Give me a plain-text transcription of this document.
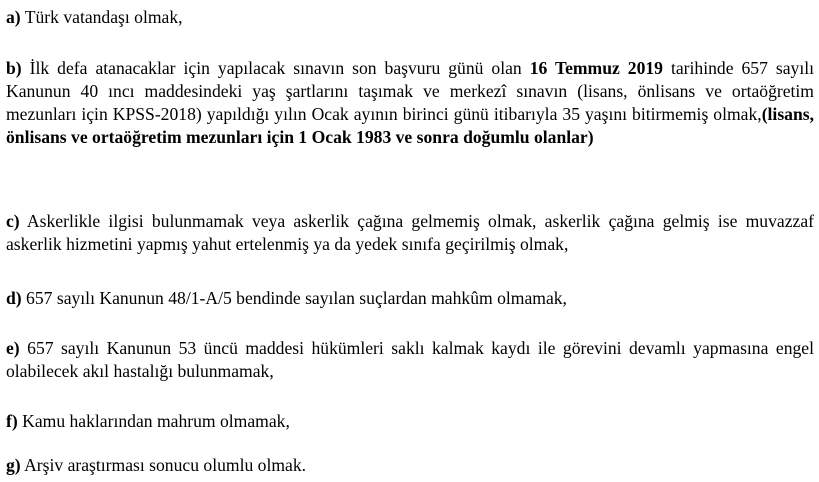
a) Türk vatandaşı olmak,

b) İlk defa atanacaklar için yapılacak sınavın son başvuru günü olan 16 Temmuz 2019 tarihinde 657 sayılı Kanunun 40 ıncı maddesindeki yaş şartlarını taşımak ve merkezî sınavın (lisans, önlisans ve ortaöğretim mezunları için KPSS-2018) yapıldığı yılın Ocak ayının birinci günü itibarıyla 35 yaşını bitirmemiş olmak,(lisans, önlisans ve ortaöğretim mezunları için 1 Ocak 1983 ve sonra doğumlu olanlar)

c) Askerlikle ilgisi bulunmamak veya askerlik çağına gelmemiş olmak, askerlik çağına gelmiş ise muvazzaf askerlik hizmetini yapmış yahut ertelenmiş ya da yedek sınıfa geçirilmiş olmak,

d) 657 sayılı Kanunun 48/1-A/5 bendinde sayılan suçlardan mahkûm olmamak,

e) 657 sayılı Kanunun 53 üncü maddesi hükümleri saklı kalmak kaydı ile görevini devamlı yapmasına engel olabilecek akıl hastalığı bulunmamak,

f) Kamu haklarından mahrum olmamak,

g) Arşiv araştırması sonucu olumlu olmak.
